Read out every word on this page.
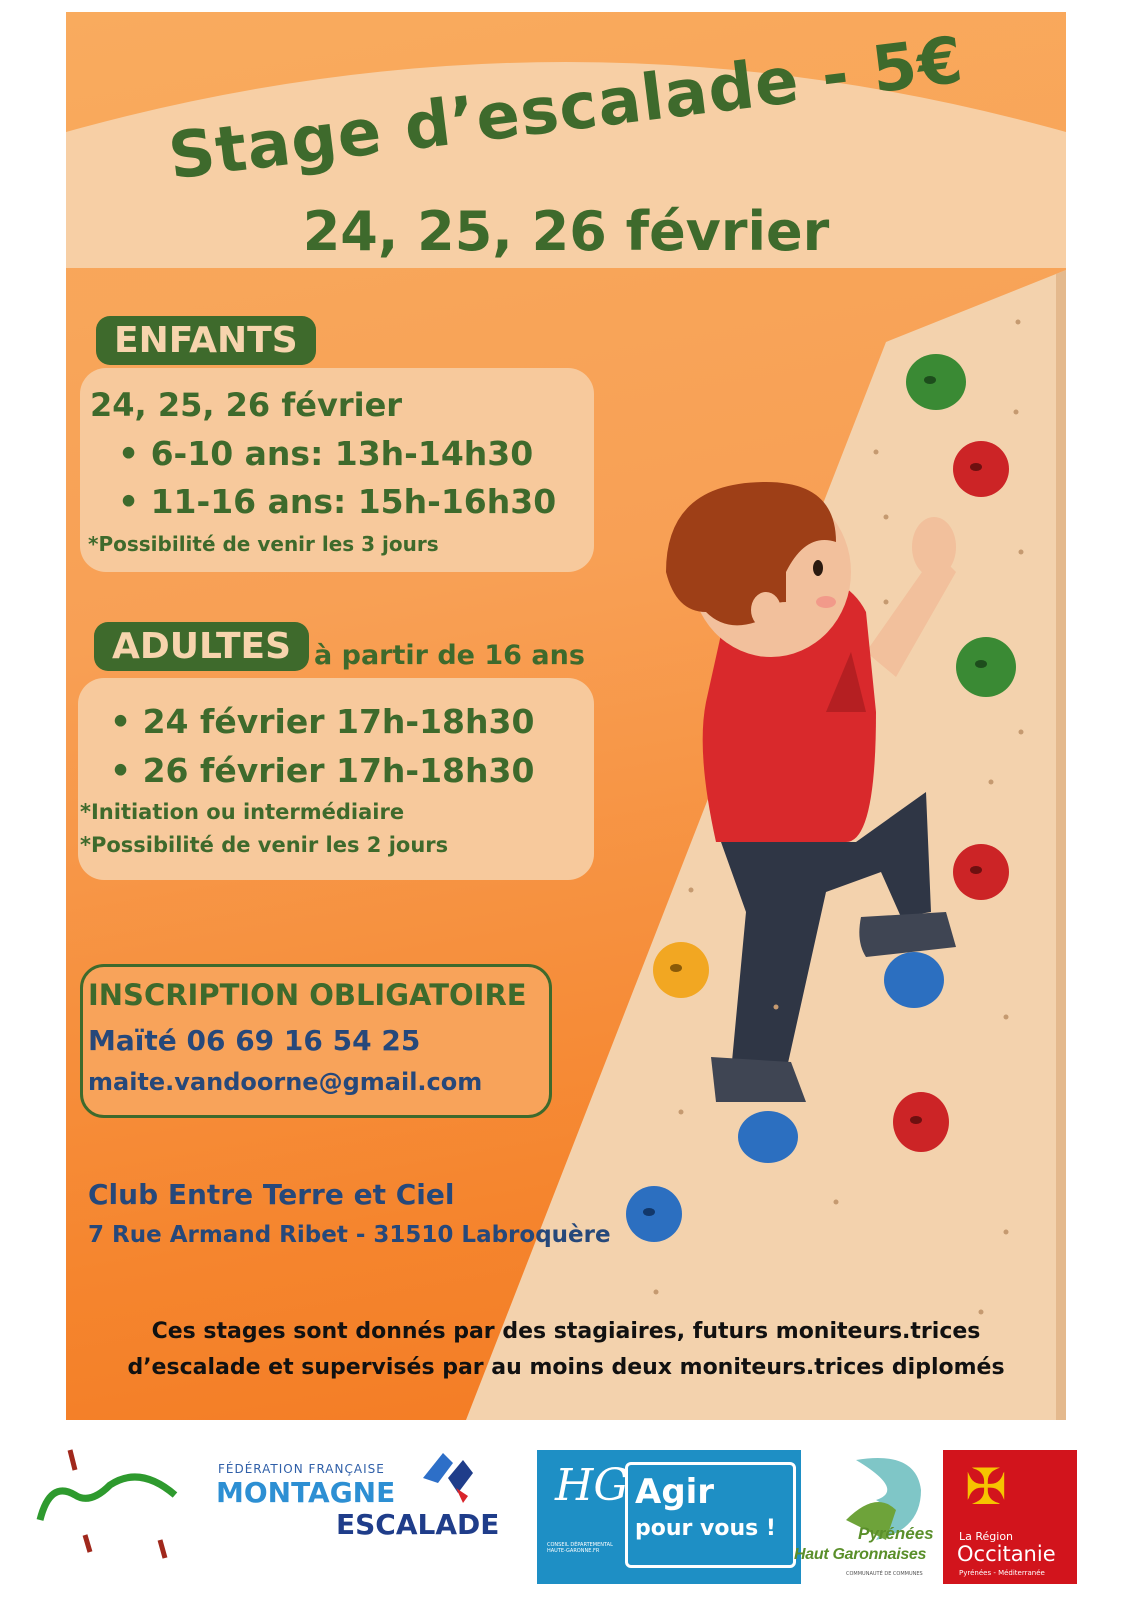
Stage d’escalade - 5€
24, 25, 26 février
ENFANTS
24, 25, 26 février
• 6-10 ans: 13h-14h30
• 11-16 ans: 15h-16h30
*Possibilité de venir les 3 jours
ADULTES à partir de 16 ans
• 24 février 17h-18h30
• 26 février 17h-18h30
*Initiation ou intermédiaire
*Possibilité de venir les 2 jours
INSCRIPTION OBLIGATOIRE
Maïté 06 69 16 54 25
maite.vandoorne@gmail.com
Club Entre Terre et Ciel
7 Rue Armand Ribet - 31510 Labroquère
Ces stages sont donnés par des stagiaires, futurs moniteurs.trices
d’escalade et supervisés par au moins deux moniteurs.trices diplomés
FÉDÉRATION FRANÇAISE
MONTAGNE
ESCALADE
HG
CONSEIL DÉPARTEMENTAL HAUTE-GARONNE.FR
Agir
pour vous !	Pyrénées
Haut Garonnaises
COMMUNAUTÉ DE COMMUNES
✠
La Région
Occitanie
Pyrénées - Méditerranée
